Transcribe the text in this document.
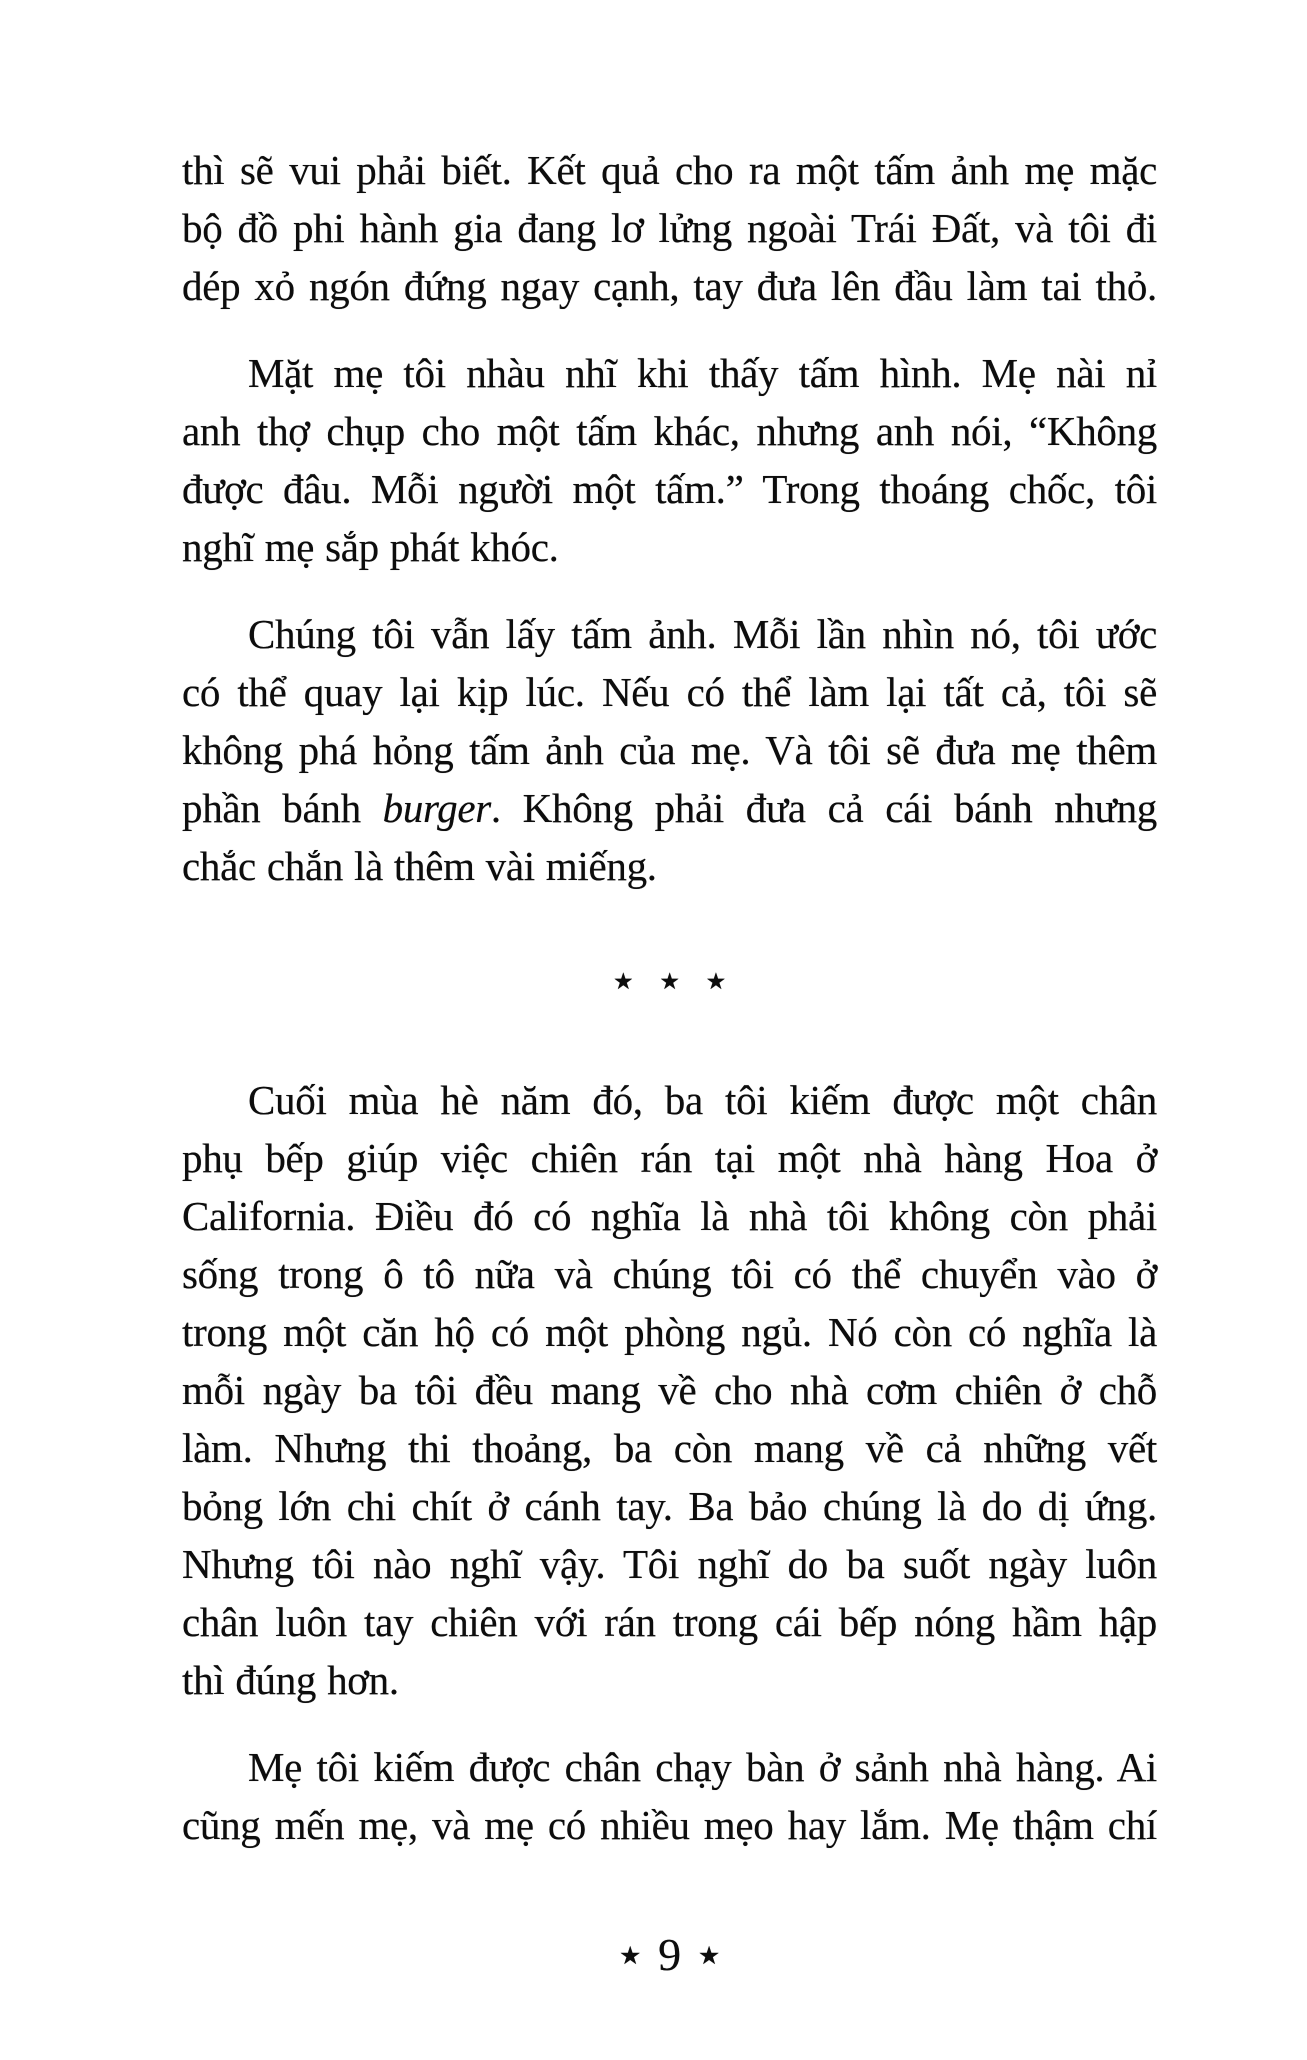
thì sẽ vui phải biết. Kết quả cho ra một tấm ảnh mẹ mặc
bộ đồ phi hành gia đang lơ lửng ngoài Trái Đất, và tôi đi
dép xỏ ngón đứng ngay cạnh, tay đưa lên đầu làm tai thỏ.
Mặt mẹ tôi nhàu nhĩ khi thấy tấm hình. Mẹ nài nỉ
anh thợ chụp cho một tấm khác, nhưng anh nói, “Không
được đâu. Mỗi người một tấm.” Trong thoáng chốc, tôi
nghĩ mẹ sắp phát khóc.
Chúng tôi vẫn lấy tấm ảnh. Mỗi lần nhìn nó, tôi ước
có thể quay lại kịp lúc. Nếu có thể làm lại tất cả, tôi sẽ
không phá hỏng tấm ảnh của mẹ. Và tôi sẽ đưa mẹ thêm
phần bánh burger. Không phải đưa cả cái bánh nhưng
chắc chắn là thêm vài miếng.
★ ★ ★
Cuối mùa hè năm đó, ba tôi kiếm được một chân
phụ bếp giúp việc chiên rán tại một nhà hàng Hoa ở
California. Điều đó có nghĩa là nhà tôi không còn phải
sống trong ô tô nữa và chúng tôi có thể chuyển vào ở
trong một căn hộ có một phòng ngủ. Nó còn có nghĩa là
mỗi ngày ba tôi đều mang về cho nhà cơm chiên ở chỗ
làm. Nhưng thi thoảng, ba còn mang về cả những vết
bỏng lớn chi chít ở cánh tay. Ba bảo chúng là do dị ứng.
Nhưng tôi nào nghĩ vậy. Tôi nghĩ do ba suốt ngày luôn
chân luôn tay chiên với rán trong cái bếp nóng hầm hập
thì đúng hơn.
Mẹ tôi kiếm được chân chạy bàn ở sảnh nhà hàng. Ai
cũng mến mẹ, và mẹ có nhiều mẹo hay lắm. Mẹ thậm chí
★ 9 ★
